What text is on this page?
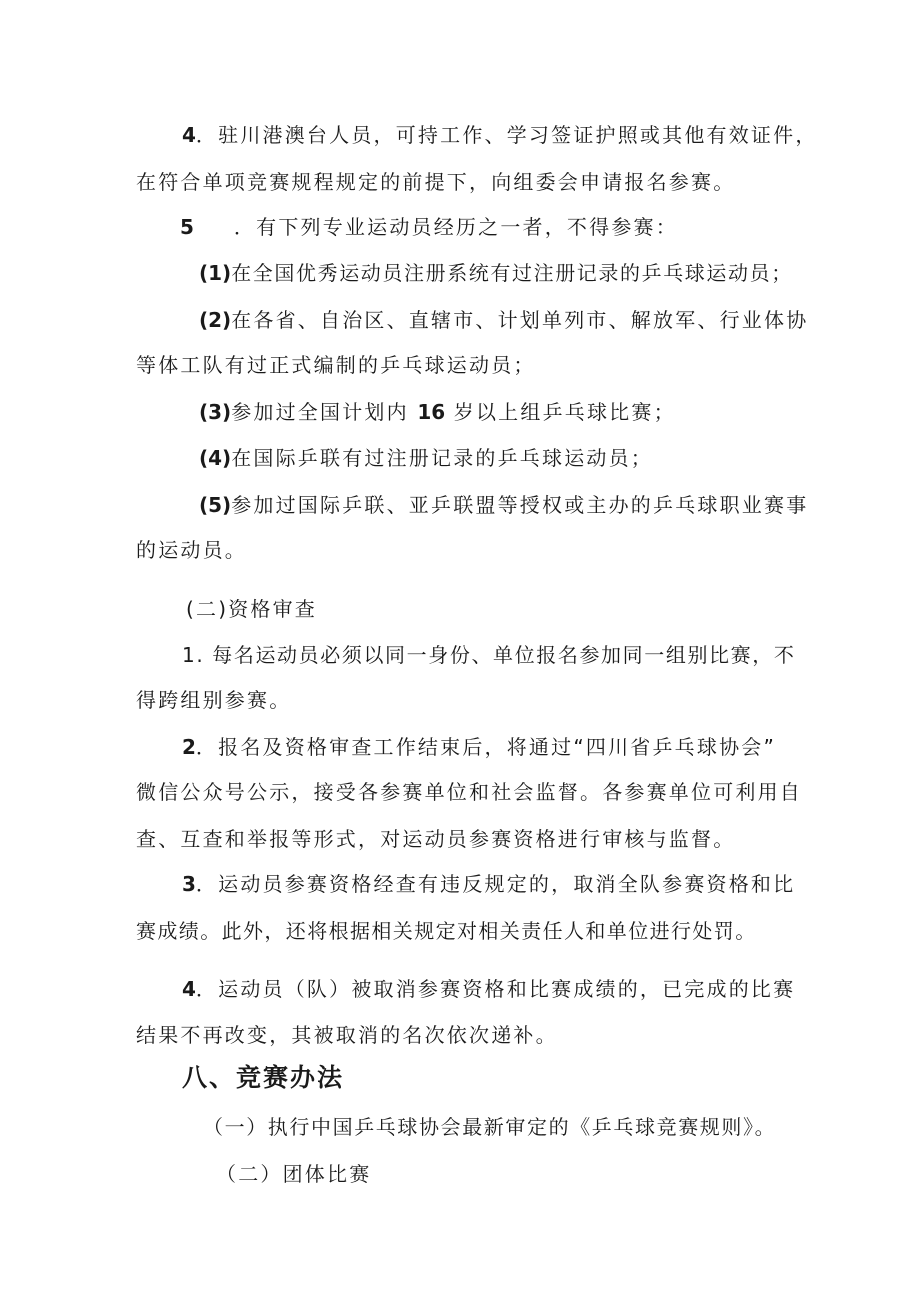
4．驻川港澳台人员，可持工作、学习签证护照或其他有效证件，
在符合单项竞赛规程规定的前提下，向组委会申请报名参赛。
5 ．有下列专业运动员经历之一者，不得参赛：
(1)在全国优秀运动员注册系统有过注册记录的乒乓球运动员；
(2)在各省、自治区、直辖市、计划单列市、解放军、行业体协
等体工队有过正式编制的乒乓球运动员；
(3)参加过全国计划内 16 岁以上组乒乓球比赛；
(4)在国际乒联有过注册记录的乒乓球运动员；
(5)参加过国际乒联、亚乒联盟等授权或主办的乒乓球职业赛事
的运动员。
(二)资格审查
1. 每名运动员必须以同一身份、单位报名参加同一组别比赛，不
得跨组别参赛。
2．报名及资格审查工作结束后，将通过“四川省乒乓球协会”
微信公众号公示，接受各参赛单位和社会监督。各参赛单位可利用自
查、互查和举报等形式，对运动员参赛资格进行审核与监督。
3．运动员参赛资格经查有违反规定的，取消全队参赛资格和比
赛成绩。此外，还将根据相关规定对相关责任人和单位进行处罚。
4．运动员（队）被取消参赛资格和比赛成绩的，已完成的比赛
结果不再改变，其被取消的名次依次递补。
八、竞赛办法
（一）执行中国乒乓球协会最新审定的《乒乓球竞赛规则》。
（二）团体比赛
